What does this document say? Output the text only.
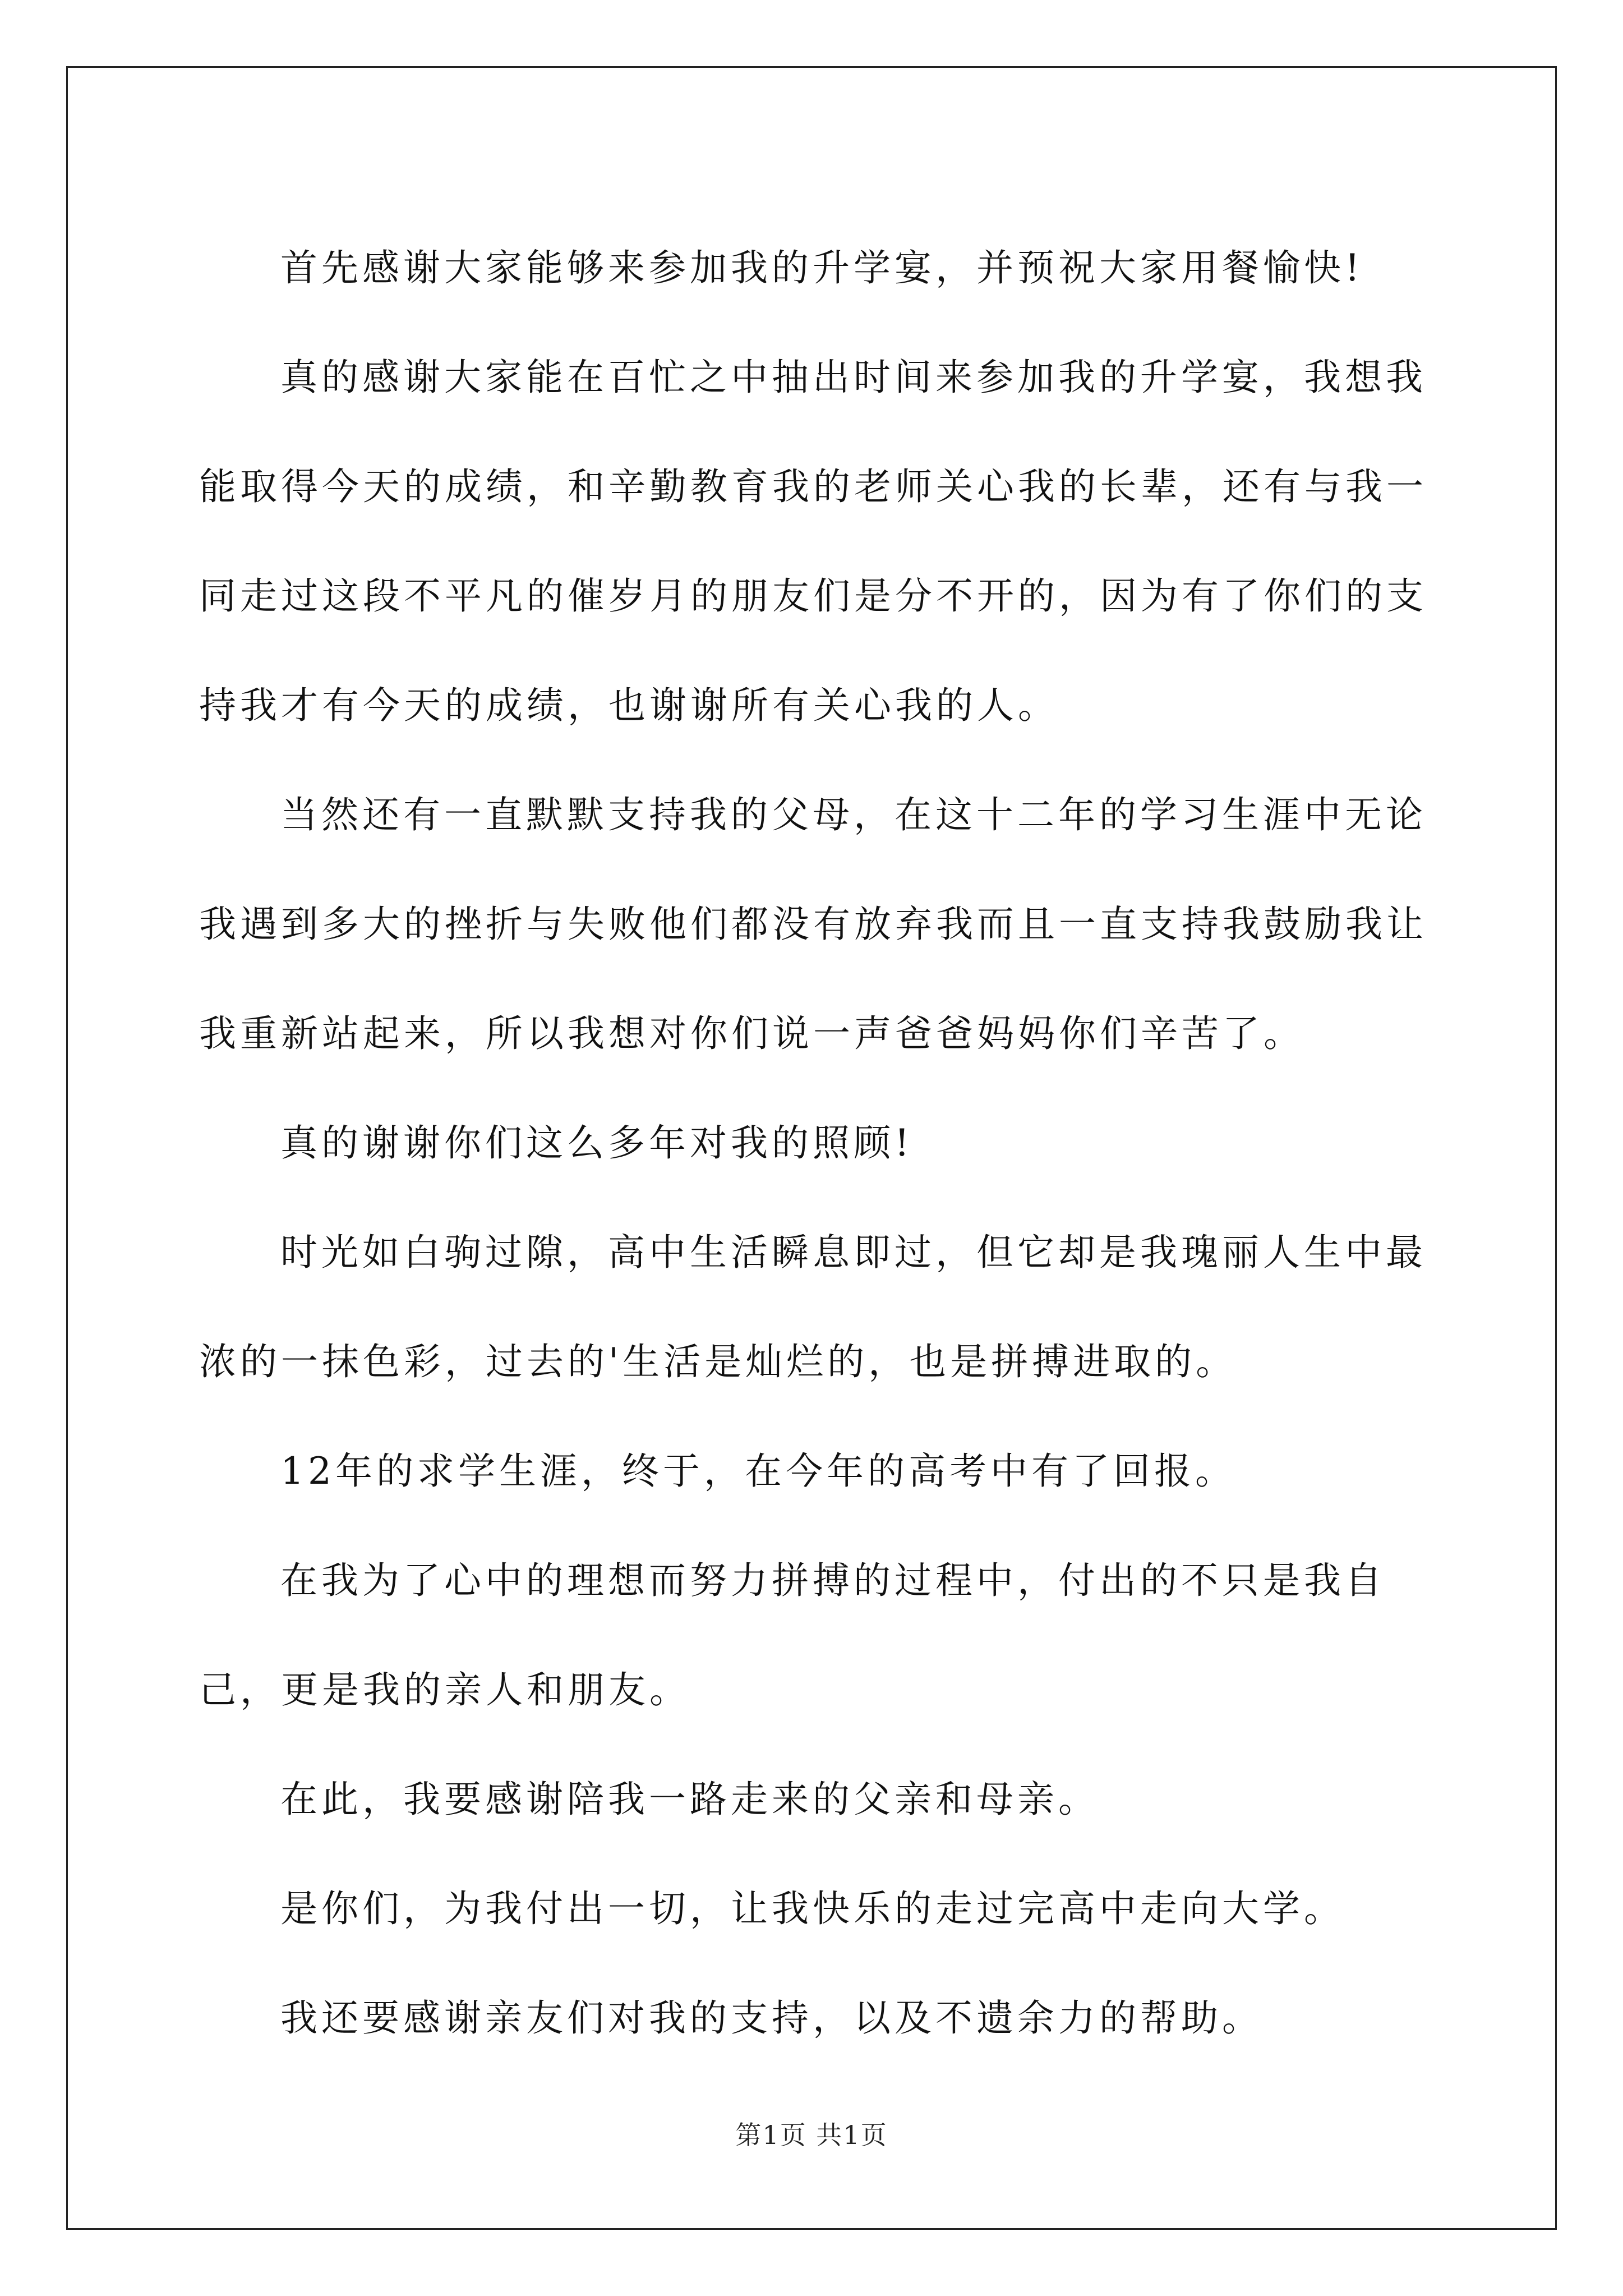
首先感谢大家能够来参加我的升学宴，并预祝大家用餐愉快!

真的感谢大家能在百忙之中抽出时间来参加我的升学宴，我想我能取得今天的成绩，和辛勤教育我的老师关心我的长辈，还有与我一同走过这段不平凡的催岁月的朋友们是分不开的，因为有了你们的支持我才有今天的成绩，也谢谢所有关心我的人。

当然还有一直默默支持我的父母，在这十二年的学习生涯中无论我遇到多大的挫折与失败他们都没有放弃我而且一直支持我鼓励我让我重新站起来，所以我想对你们说一声爸爸妈妈你们辛苦了。

真的谢谢你们这么多年对我的照顾!

时光如白驹过隙，高中生活瞬息即过，但它却是我瑰丽人生中最浓的一抹色彩，过去的'生活是灿烂的，也是拼搏进取的。

12年的求学生涯，终于，在今年的高考中有了回报。

在我为了心中的理想而努力拼搏的过程中，付出的不只是我自己，更是我的亲人和朋友。

在此，我要感谢陪我一路走来的父亲和母亲。

是你们，为我付出一切，让我快乐的走过完高中走向大学。

我还要感谢亲友们对我的支持，以及不遗余力的帮助。

第1页 共1页
